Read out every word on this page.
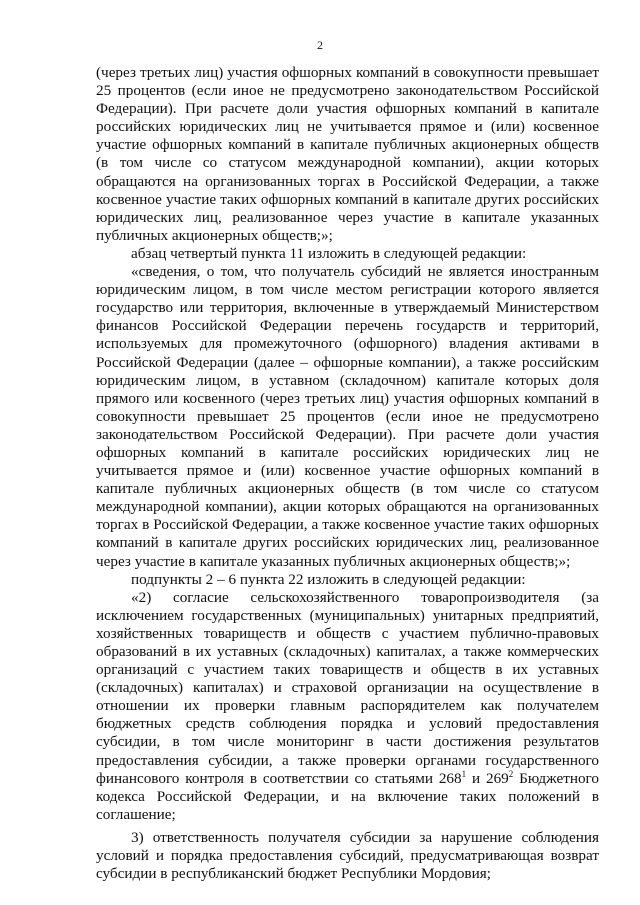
2

(через третьих лиц) участия офшорных компаний в совокупности превышает 25 процентов (если иное не предусмотрено законодательством Российской Федерации). При расчете доли участия офшорных компаний в капитале российских юридических лиц не учитывается прямое и (или) косвенное участие офшорных компаний в капитале публичных акционерных обществ (в том числе со статусом международной компании), акции которых обращаются на организованных торгах в Российской Федерации, а также косвенное участие таких офшорных компаний в капитале других российских юридических лиц, реализованное через участие в капитале указанных публичных акционерных обществ;»;

абзац четвертый пункта 11 изложить в следующей редакции:

«сведения, о том, что получатель субсидий не является иностранным юридическим лицом, в том числе местом регистрации которого является государство или территория, включенные в утверждаемый Министерством финансов Российской Федерации перечень государств и территорий, используемых для промежуточного (офшорного) владения активами в Российской Федерации (далее – офшорные компании), а также российским юридическим лицом, в уставном (складочном) капитале которых доля прямого или косвенного (через третьих лиц) участия офшорных компаний в совокупности превышает 25 процентов (если иное не предусмотрено законодательством Российской Федерации). При расчете доли участия офшорных компаний в капитале российских юридических лиц не учитывается прямое и (или) косвенное участие офшорных компаний в капитале публичных акционерных обществ (в том числе со статусом международной компании), акции которых обращаются на организованных торгах в Российской Федерации, а также косвенное участие таких офшорных компаний в капитале других российских юридических лиц, реализованное через участие в капитале указанных публичных акционерных обществ;»;

подпункты 2 – 6 пункта 22 изложить в следующей редакции:

«2) согласие сельскохозяйственного товаропроизводителя (за исключением государственных (муниципальных) унитарных предприятий, хозяйственных товариществ и обществ с участием публично-правовых образований в их уставных (складочных) капиталах, а также коммерческих организаций с участием таких товариществ и обществ в их уставных (складочных) капиталах) и страховой организации на осуществление в отношении их проверки главным распорядителем как получателем бюджетных средств соблюдения порядка и условий предоставления субсидии, в том числе мониторинг в части достижения результатов предоставления субсидии, а также проверки органами государственного финансового контроля в соответствии со статьями $268^1$ и $269^2$ Бюджетного кодекса Российской Федерации, и на включение таких положений в соглашение;

3) ответственность получателя субсидии за нарушение соблюдения условий и порядка предоставления субсидий, предусматривающая возврат субсидии в республиканский бюджет Республики Мордовия;
